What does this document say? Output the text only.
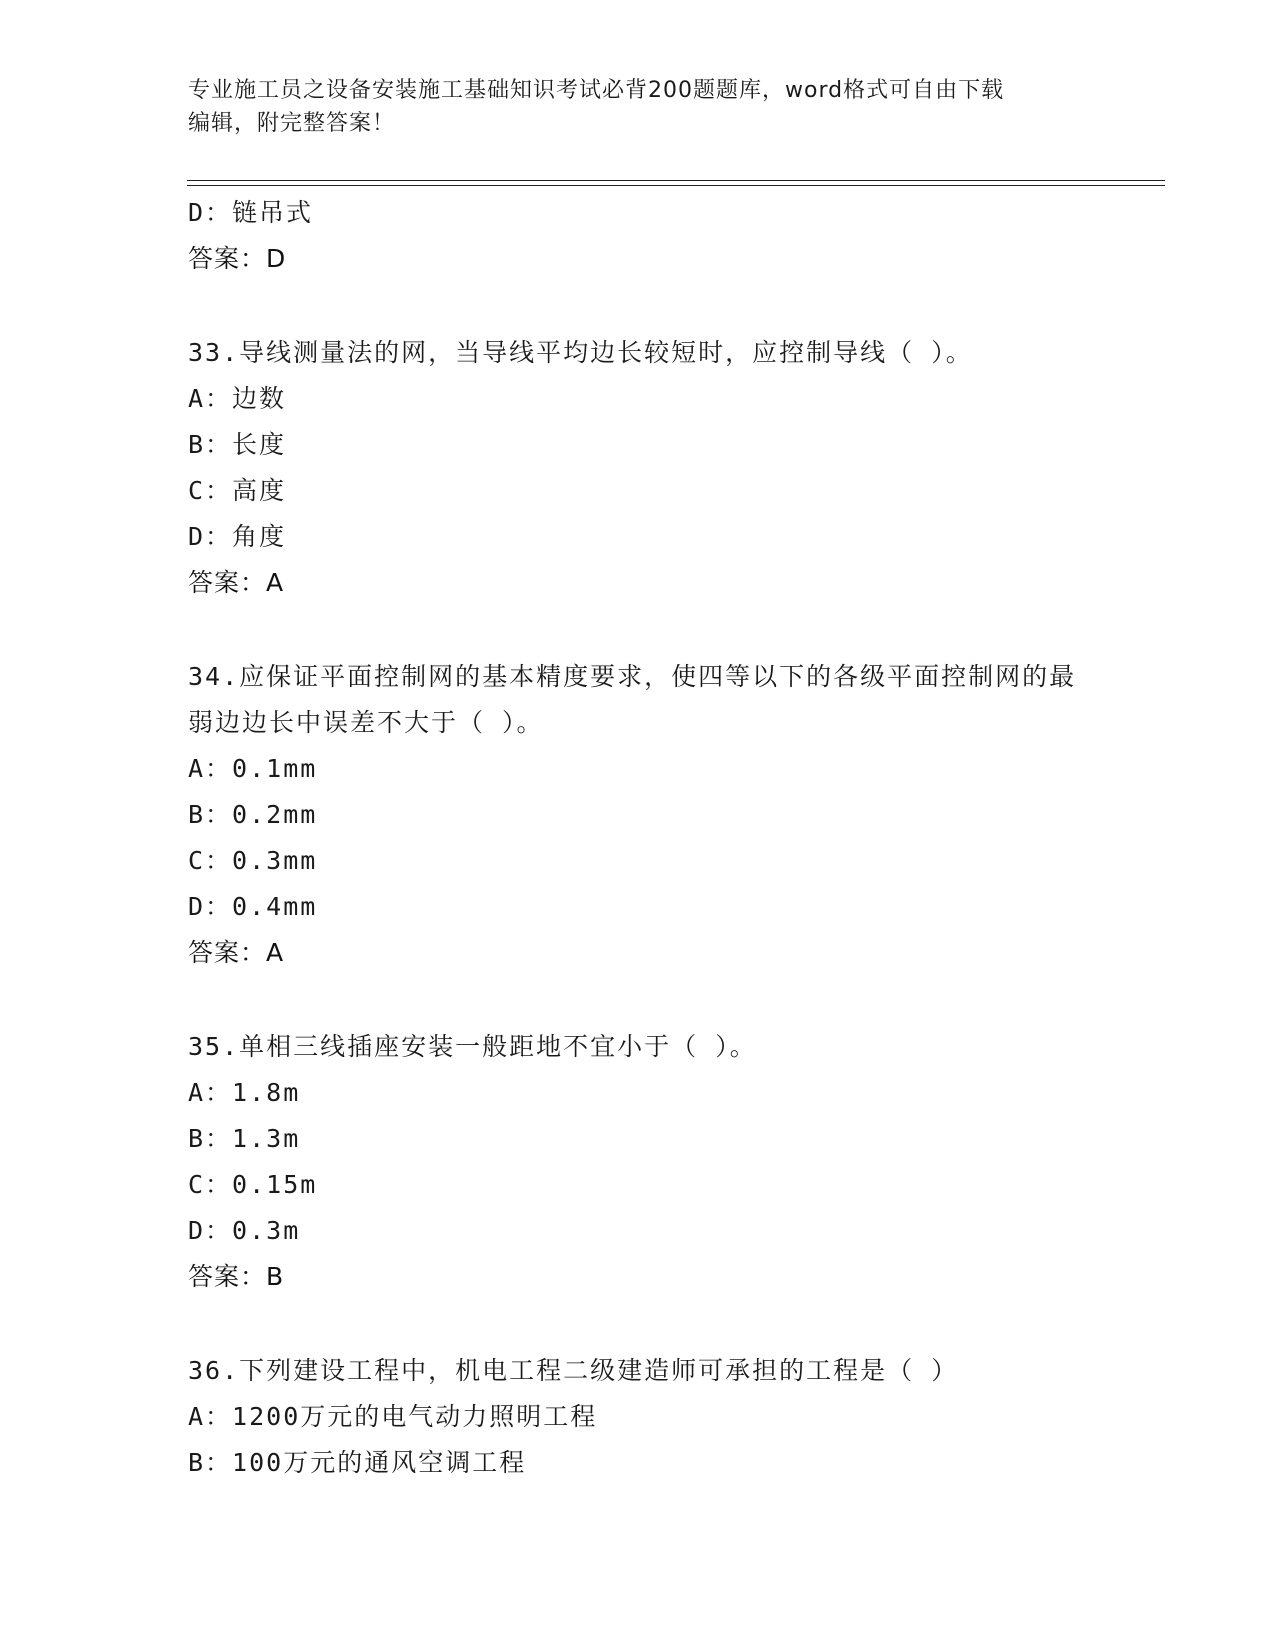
专业施工员之设备安装施工基础知识考试必背200题题库，word格式可自由下载
编辑，附完整答案！
D：链吊式
答案：D
33.导线测量法的网，当导线平均边长较短时，应控制导线（ ）。
A：边数
B：长度
C：高度
D：角度
答案：A
34.应保证平面控制网的基本精度要求，使四等以下的各级平面控制网的最弱边边长中误差不大于（ ）。
A：0.1mm
B：0.2mm
C：0.3mm
D：0.4mm
答案：A
35.单相三线插座安装一般距地不宜小于（ ）。
A：1.8m
B：1.3m
C：0.15m
D：0.3m
答案：B
36.下列建设工程中，机电工程二级建造师可承担的工程是（ ）
A：1200万元的电气动力照明工程
B：100万元的通风空调工程
